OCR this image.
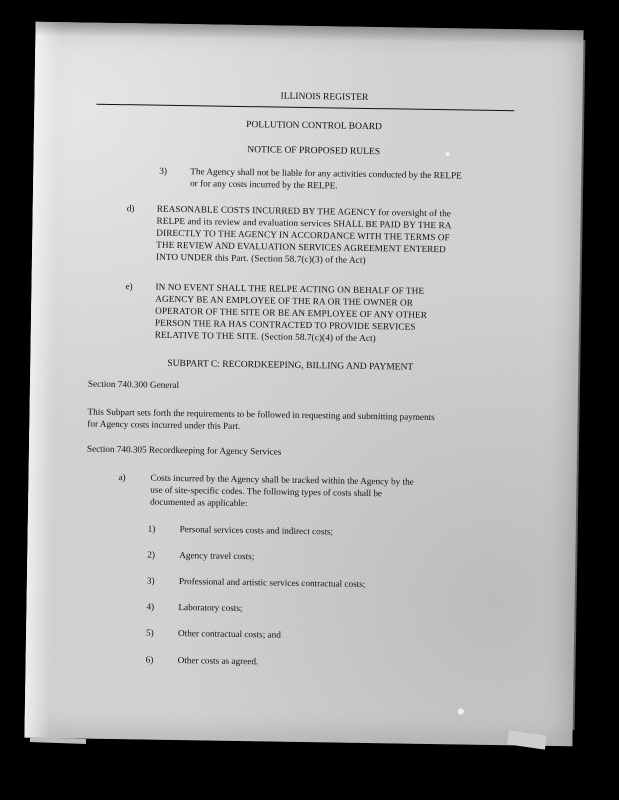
ILLINOIS REGISTER
POLLUTION CONTROL BOARD
NOTICE OF PROPOSED RULES
3)	The Agency shall not be liable for any activities conducted by the RELPE
or for any costs incurred by the RELPE.
d) REASONABLE COSTS INCURRED BY THE AGENCY for oversight of the
RELPE and its review and evaluation services SHALL BE PAID BY THE RA
DIRECTLY TO THE AGENCY IN ACCORDANCE WITH THE TERMS OF
THE REVIEW AND EVALUATION SERVICES AGREEMENT ENTERED
INTO UNDER this Part. (Section 58.7(c)(3) of the Act)
e) IN NO EVENT SHALL THE RELPE ACTING ON BEHALF OF THE
AGENCY BE AN EMPLOYEE OF THE RA OR THE OWNER OR
OPERATOR OF THE SITE OR BE AN EMPLOYEE OF ANY OTHER
PERSON THE RA HAS CONTRACTED TO PROVIDE SERVICES
RELATIVE TO THE SITE. (Section 58.7(c)(4) of the Act)
SUBPART C: RECORDKEEPING, BILLING AND PAYMENT
Section 740.300 General
This Subpart sets forth the requirements to be followed in requesting and submitting payments
for Agency costs incurred under this Part.
Section 740.305 Recordkeeping for Agency Services
a)	Costs incurred by the Agency shall be tracked within the Agency by the
use of site-specific codes. The following types of costs shall be
documented as applicable:
1)	Personal services costs and indirect costs;
2)	Agency travel costs;
3)	Professional and artistic services contractual costs;
4)	Laboratory costs;
5)	Other contractual costs; and
6)	Other costs as agreed.
